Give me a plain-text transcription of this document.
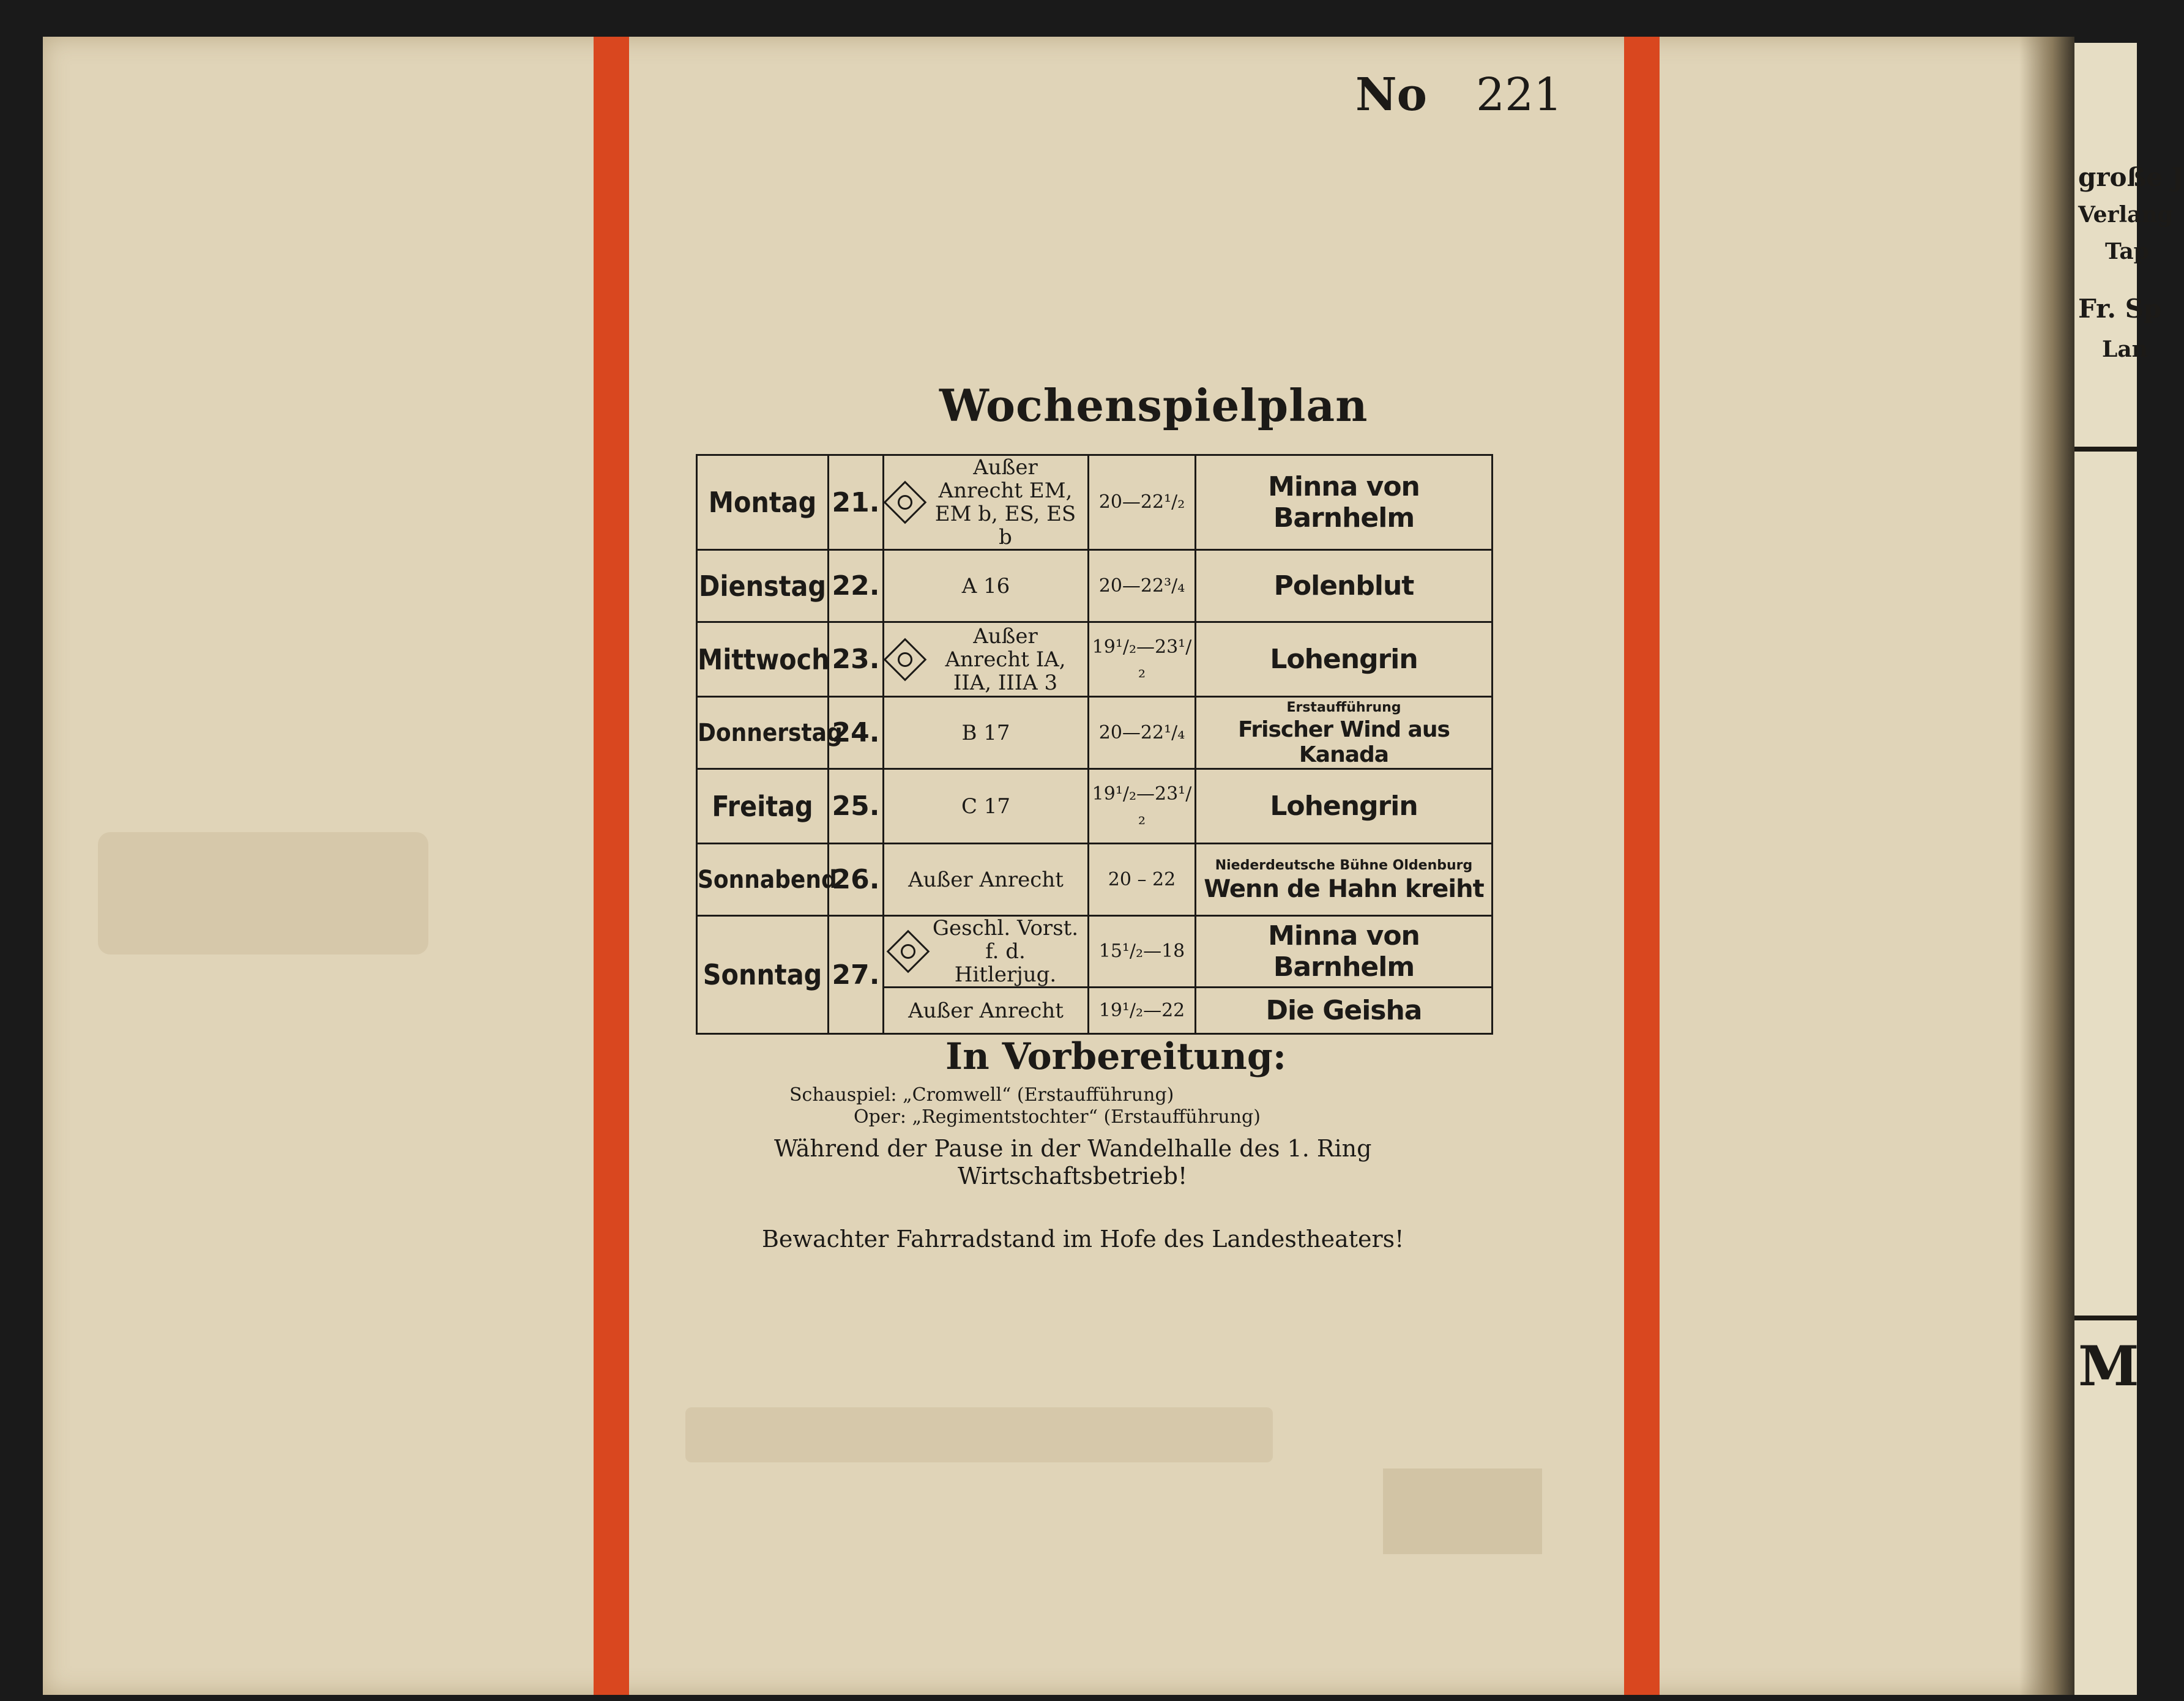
große J
Verlang
Tap
Fr. Sp
Lan
M
No 221
Wochenspielplan
Montag	21.	Außer Anrecht EM, EM b, ES, ES b	20—22¹/₂	Minna von Barnhelm
Dienstag	22.	A 16	20—22³/₄	Polenblut
Mittwoch	23.	Außer Anrecht IA, IIA, IIIA 3	19¹/₂—23¹/₂	Lohengrin
Donnerstag	24.	B 17	20—22¹/₄	Erstaufführung
Frischer Wind aus Kanada
Freitag	25.	C 17	19¹/₂—23¹/₂	Lohengrin
Sonnabend	26.	Außer Anrecht	20 – 22	Niederdeutsche Bühne Oldenburg
Wenn de Hahn kreiht
Sonntag	27.	Geschl. Vorst. f. d. Hitlerjug.	15¹/₂—18	Minna von Barnhelm
		Außer Anrecht	19¹/₂—22	Die Geisha
In Vorbereitung:
Schauspiel: „Cromwell“ (Erstaufführung)
Oper: „Regimentstochter“ (Erstaufführung)
Während der Pause in der Wandelhalle des 1. Ring
Wirtschaftsbetrieb!
Bewachter Fahrradstand im Hofe des Landestheaters!
